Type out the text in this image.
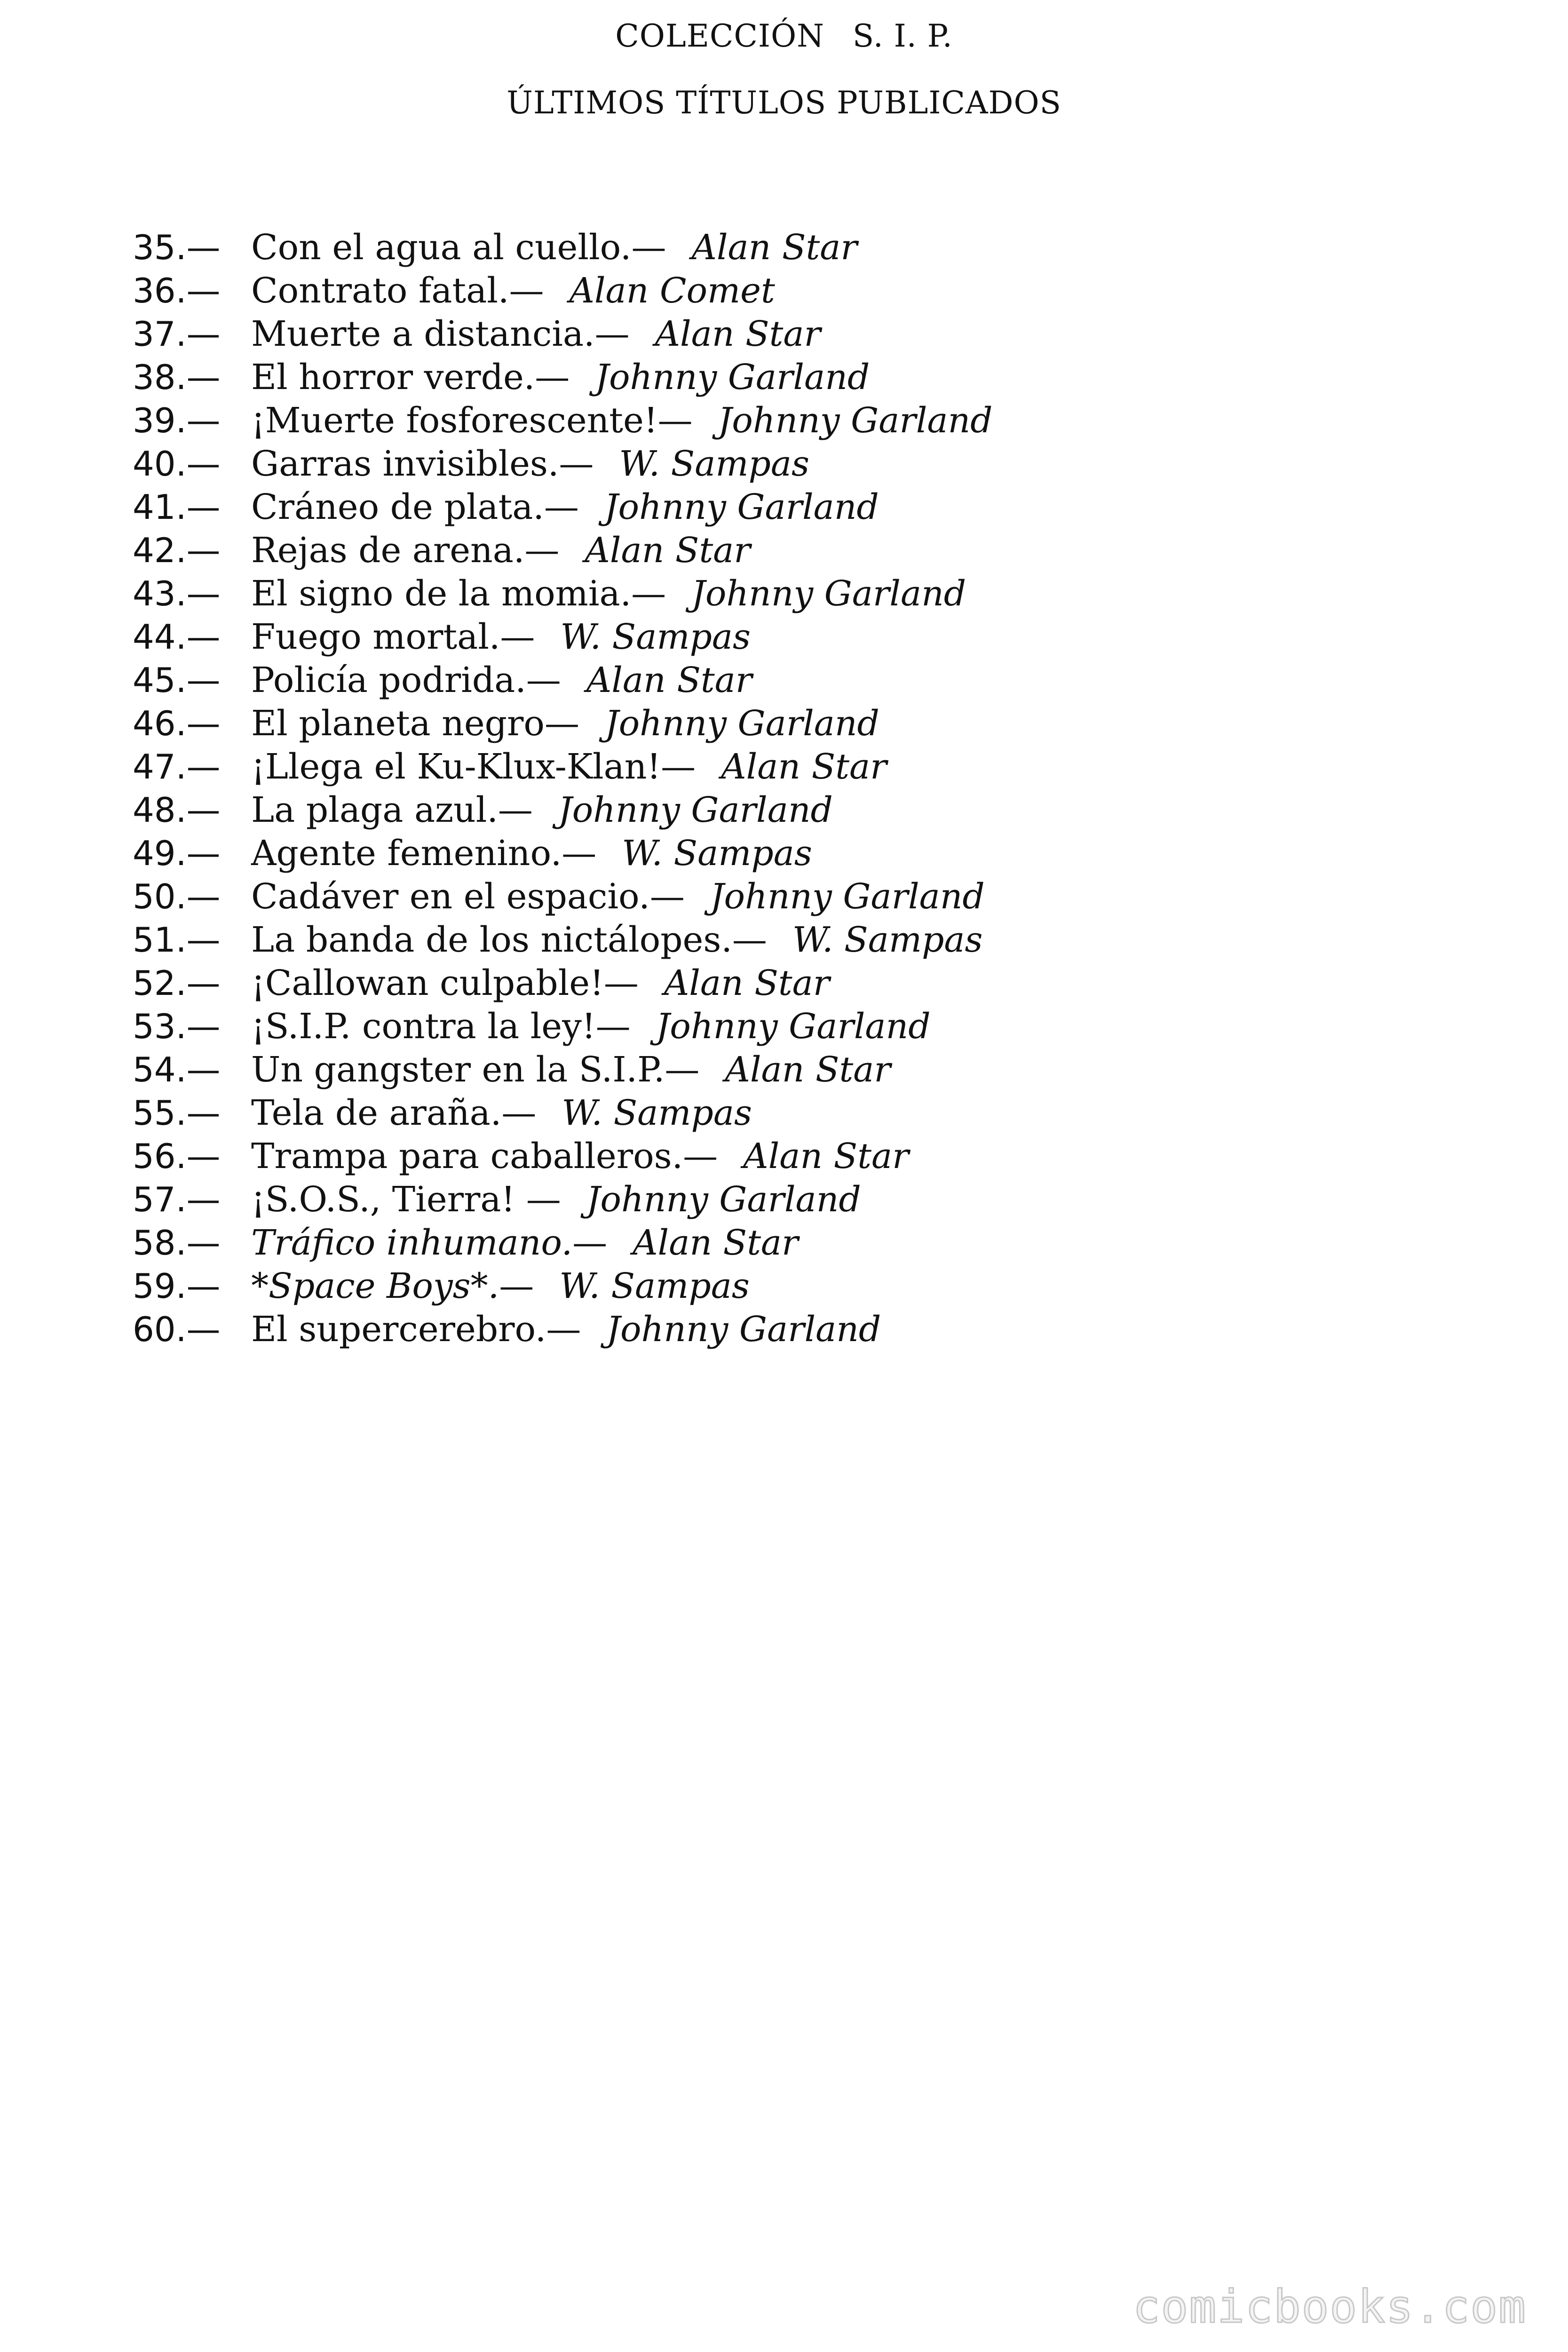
COLECCIÓN S. I. P.
ÚLTIMOS TÍTULOS PUBLICADOS
35.— Con el agua al cuello.— Alan Star
36.— Contrato fatal.— Alan Comet
37.— Muerte a distancia.— Alan Star
38.— El horror verde.— Johnny Garland
39.— ¡Muerte fosforescente!— Johnny Garland
40.— Garras invisibles.— W. Sampas
41.— Cráneo de plata.— Johnny Garland
42.— Rejas de arena.— Alan Star
43.— El signo de la momia.— Johnny Garland
44.— Fuego mortal.— W. Sampas
45.— Policía podrida.— Alan Star
46.— El planeta negro— Johnny Garland
47.— ¡Llega el Ku-Klux-Klan!— Alan Star
48.— La plaga azul.— Johnny Garland
49.— Agente femenino.— W. Sampas
50.— Cadáver en el espacio.— Johnny Garland
51.— La banda de los nictálopes.— W. Sampas
52.— ¡Callowan culpable!— Alan Star
53.— ¡S.I.P. contra la ley!— Johnny Garland
54.— Un gangster en la S.I.P.— Alan Star
55.— Tela de araña.— W. Sampas
56.— Trampa para caballeros.— Alan Star
57.— ¡S.O.S., Tierra! — Johnny Garland
58.— Tráfico inhumano.— Alan Star
59.— *Space Boys*.— W. Sampas
60.— El supercerebro.— Johnny Garland
comicbooks.com
